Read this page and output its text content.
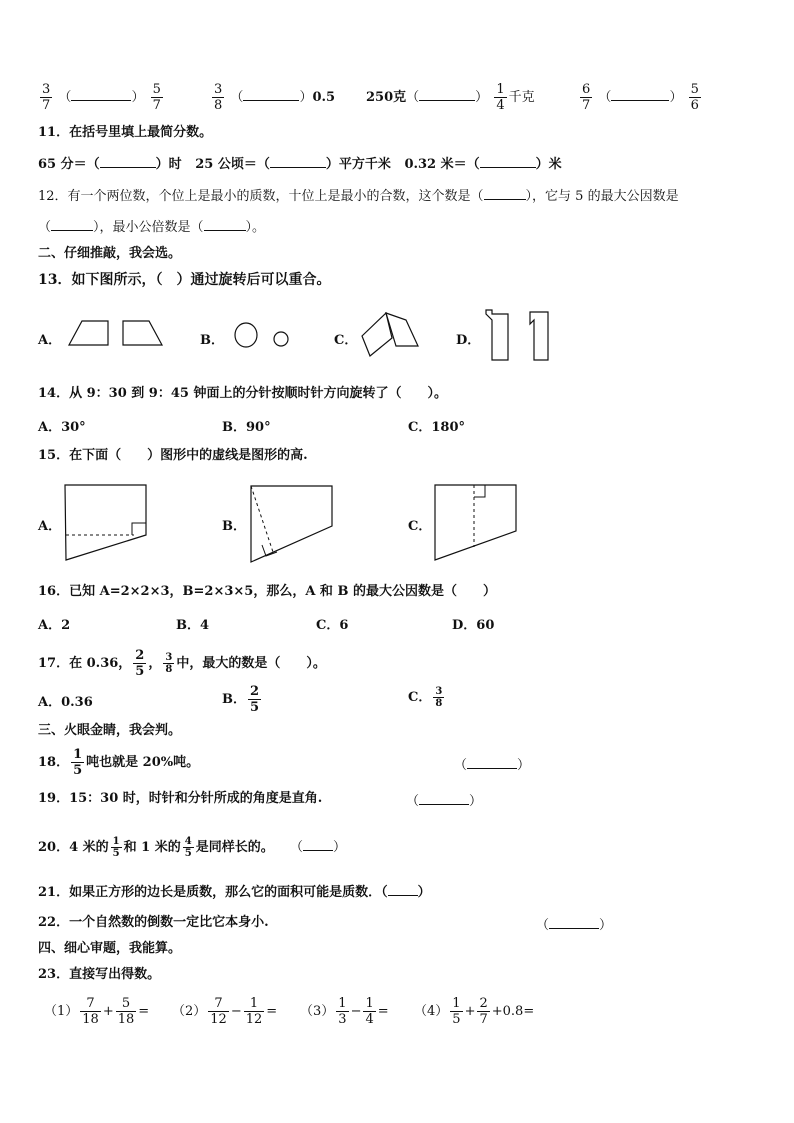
$\frac{3}{7}$ （	） $\frac{5}{7}$	$\frac{3}{8}$ （	）0.5 250克（	） $\frac{1}{4}$ 千克	$\frac{6}{7}$ （	） $\frac{5}{6}$
11．在括号里填上最简分数。
65 分＝（	）时 25 公顷＝（	）平方千米 0.32 米＝（	）米
12．有一个两位数，个位上是最小的质数，十位上是最小的合数，这个数是（	），它与 5 的最大公因数是
（	），最小公倍数是（	）。
二、仔细推敲，我会选。
13．如下图所示，（　）通过旋转后可以重合。
A．	B．	C．	D．
14．从 9：30 到 9：45 钟面上的分针按顺时针方向旋转了（　　）。
A．30°	B．90°	C．180°
15．在下面（　　）图形中的虚线是图形的高.
A．	B．	C．
16．已知 A=2×2×3，B=2×3×5，那么，A 和 B 的最大公因数是（　　）
A．2	B．4	C．6	D．60
17．在 0.36， $\frac{2}{5}$ ， $\frac{3}{8}$ 中，最大的数是（　　）。
A．0.36	B． $\frac{2}{5}$	C． $\frac{3}{8}$
三、火眼金睛，我会判。
18． $\frac{1}{5}$ 吨也就是 20%吨。	（	）
19．15：30 时，时针和分针所成的角度是直角.	（	）
20．4 米的 $\frac{1}{5}$ 和 1 米的 $\frac{4}{5}$ 是同样长的。 （ ）
21．如果正方形的边长是质数，那么它的面积可能是质数．（ ）
22．一个自然数的倒数一定比它本身小.	（	）
四、细心审题，我能算。
23．直接写出得数。
$(1) \frac{7}{18} + \frac{5}{18} = (2) \frac{7}{12} - \frac{1}{12} = (3) \frac{1}{3} - \frac{1}{4} = (4) \frac{1}{5} + \frac{2}{7} +0.8=$
